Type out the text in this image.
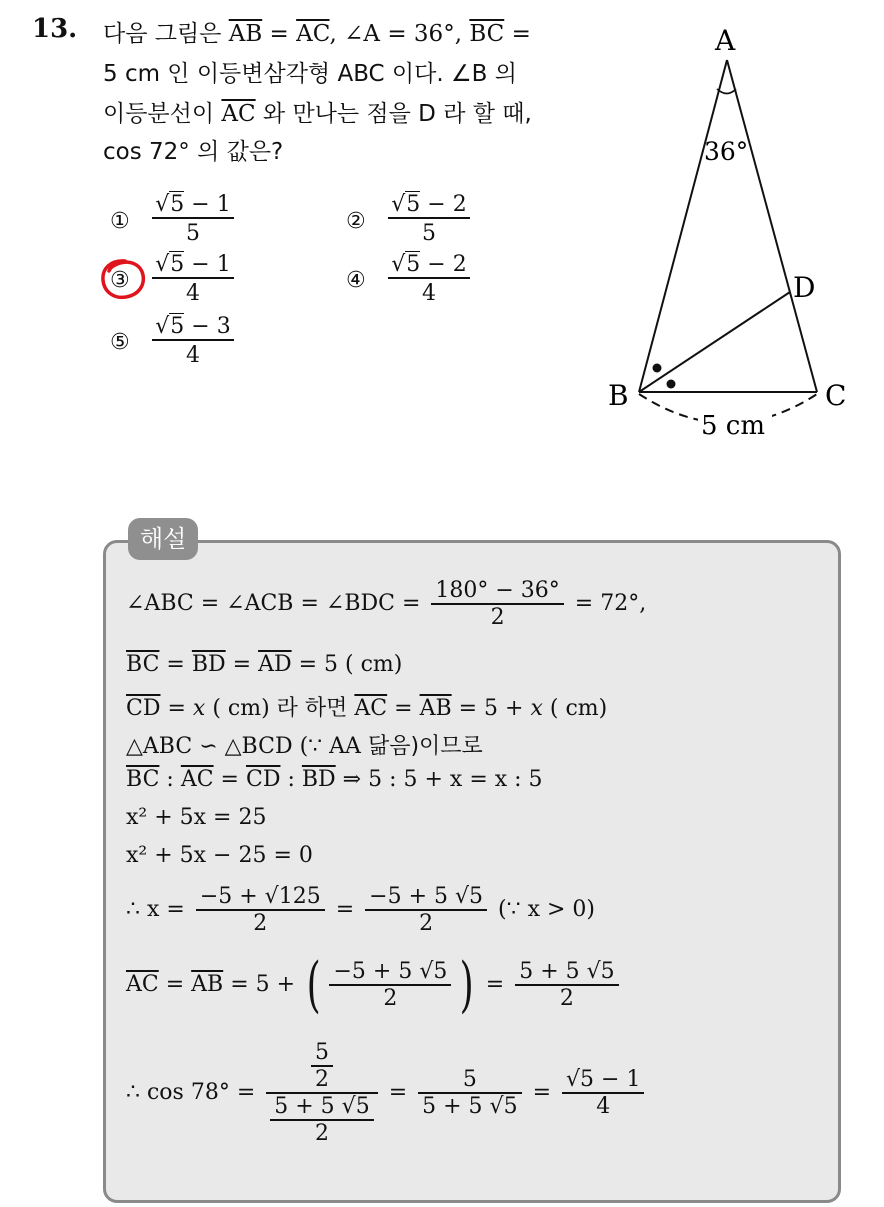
13. 다음 그림은 $\overline{AB} = \overline{AC}$, ∠A = 36°, $\overline{BC}$ =
5 cm 인 이등변삼각형 ABC 이다. ∠B 의
이등분선이 $\overline{AC}$ 와 만나는 점을 D 라 할 때,
cos 72° 의 값은?
① $\frac{√5 - 1}{5}$	② $\frac{√5 - 2}{5}$
③ $\frac{√5 - 1}{4}$	④ $\frac{√5 - 2}{4}$
⑤ $\frac{√5 - 3}{4}$
A
36°
D
B	C
5 cm
해설
∠ABC = ∠ACB = ∠BDC = $\frac{180^\circ - 36^\circ}{2} = 72^\circ$,
$\overline{BC} = \overline{BD} = \overline{AD} = 5$ ( cm)
$\overline{CD} = x$ ( cm) 라 하면 $\overline{AC} = \overline{AB} = 5 + x$ ( cm)
△ABC ∽ △BCD (∵ AA 닮음)이므로
$\overline{BC}$ : $\overline{AC} = \overline{CD}$ : $\overline{BD}$ ⇒ 5 : 5 + x = x : 5
x² + 5x = 25
x² + 5x − 25 = 0
∴ $x = \frac{-5 + √125}{2} = \frac{-5 + 5 √5}{2}$ (∵ x > 0)
$\overline{AC} = \overline{AB} = 5$ + ( $\frac{-5 + 5 √5}{2}$ ) = $\frac{5 + 5 √5}{2}$
∴ $\cos 78^\circ = \frac{\frac{5}{2}}{\frac{5 + 5 √5}{2}} = \frac{5}{5 + 5 √5} = \frac{√5 - 1}{4}$
